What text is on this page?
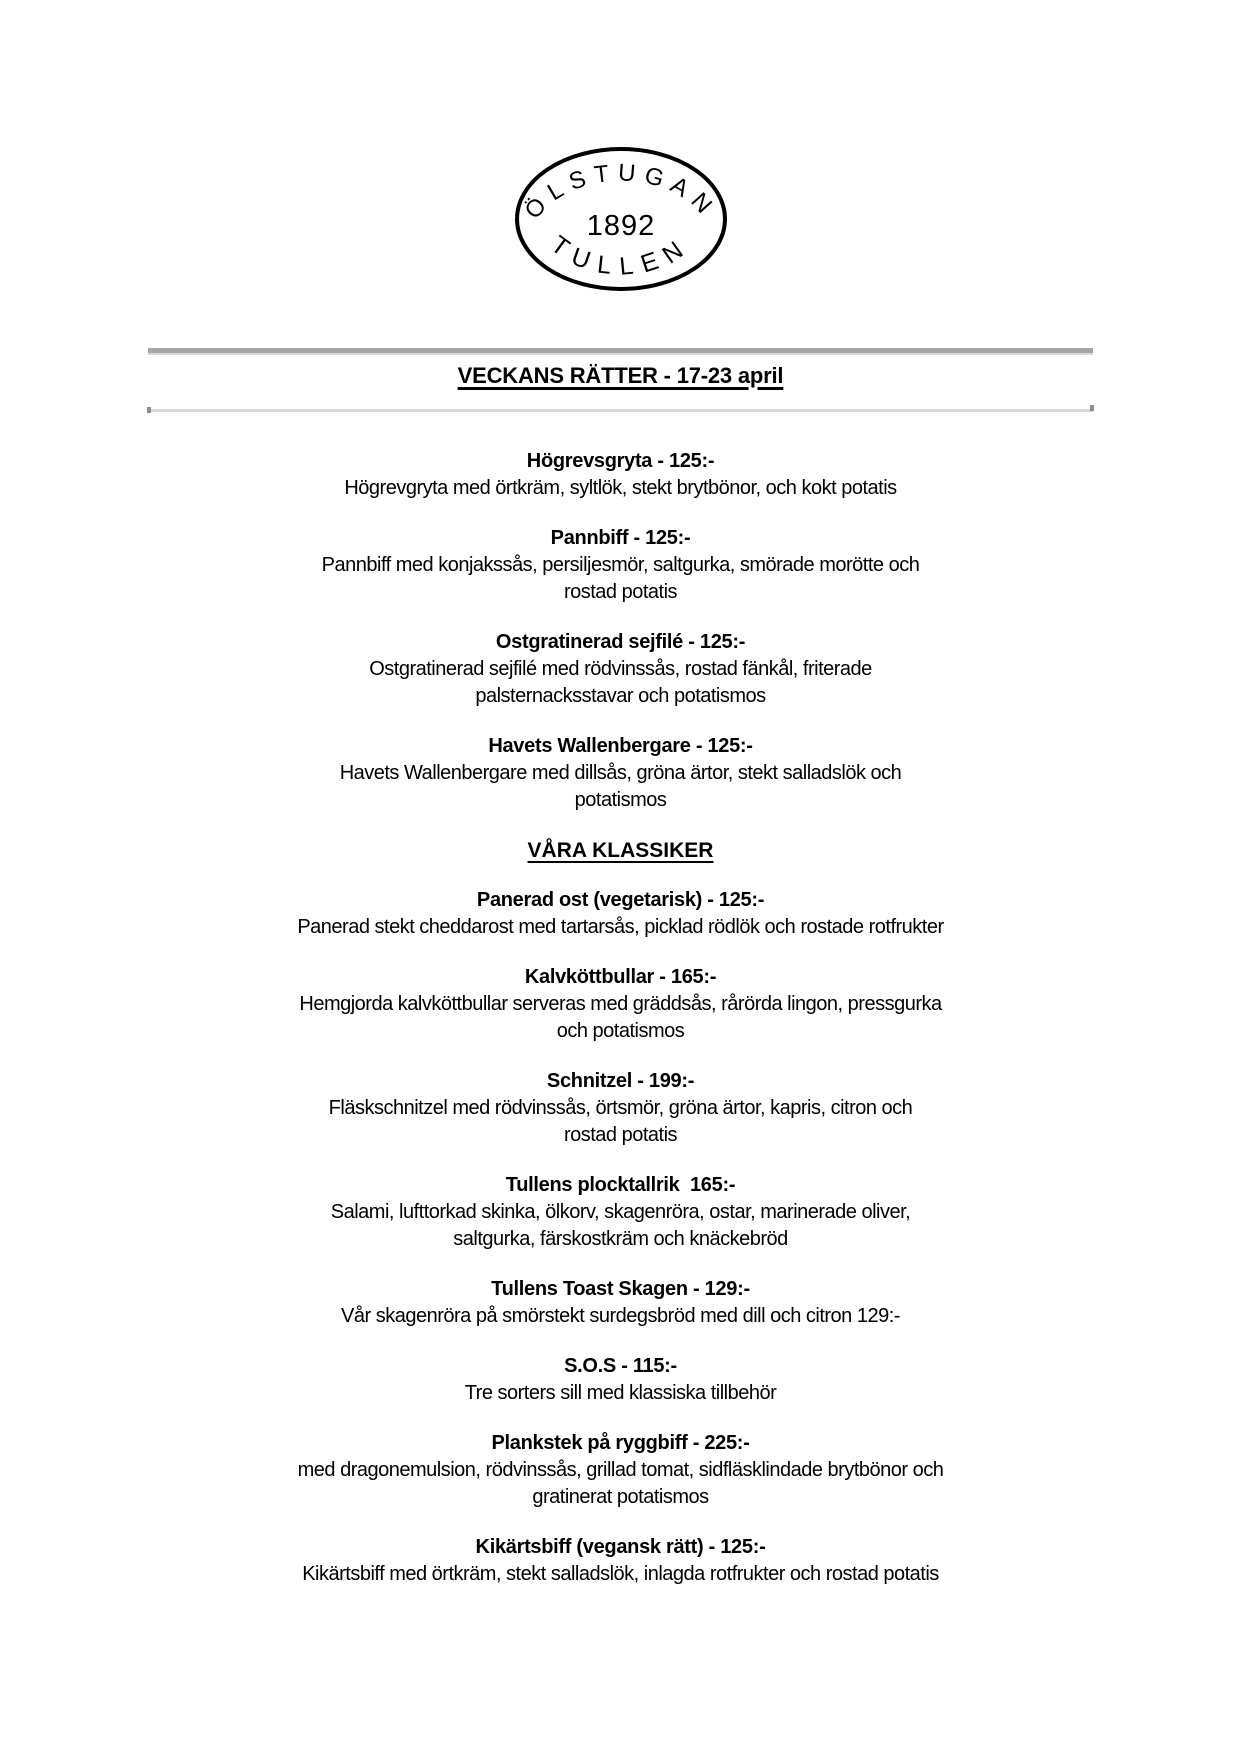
ÖLSTUGAN
1892
TULLEN
VECKANS RÄTTER - 17-23 april
Högrevsgryta - 125:-
Högrevgryta med örtkräm, syltlök, stekt brytbönor, och kokt potatis
Pannbiff - 125:-
Pannbiff med konjakssås, persiljesmör, saltgurka, smörade morötte och
rostad potatis
Ostgratinerad sejfilé - 125:-
Ostgratinerad sejfilé med rödvinssås, rostad fänkål, friterade
palsternacksstavar och potatismos
Havets Wallenbergare - 125:-
Havets Wallenbergare med dillsås, gröna ärtor, stekt salladslök och
potatismos
VÅRA KLASSIKER
Panerad ost (vegetarisk) - 125:-
Panerad stekt cheddarost med tartarsås, picklad rödlök och rostade rotfrukter
Kalvköttbullar - 165:-
Hemgjorda kalvköttbullar serveras med gräddsås, rårörda lingon, pressgurka
och potatismos
Schnitzel - 199:-
Fläskschnitzel med rödvinssås, örtsmör, gröna ärtor, kapris, citron och
rostad potatis
Tullens plocktallrik  165:-
Salami, lufttorkad skinka, ölkorv, skagenröra, ostar, marinerade oliver,
saltgurka, färskostkräm och knäckebröd
Tullens Toast Skagen - 129:-
Vår skagenröra på smörstekt surdegsbröd med dill och citron 129:-
S.O.S - 115:-
Tre sorters sill med klassiska tillbehör
Plankstek på ryggbiff - 225:-
med dragonemulsion, rödvinssås, grillad tomat, sidfläsklindade brytbönor och
gratinerat potatismos
Kikärtsbiff (vegansk rätt) - 125:-
Kikärtsbiff med örtkräm, stekt salladslök, inlagda rotfrukter och rostad potatis
